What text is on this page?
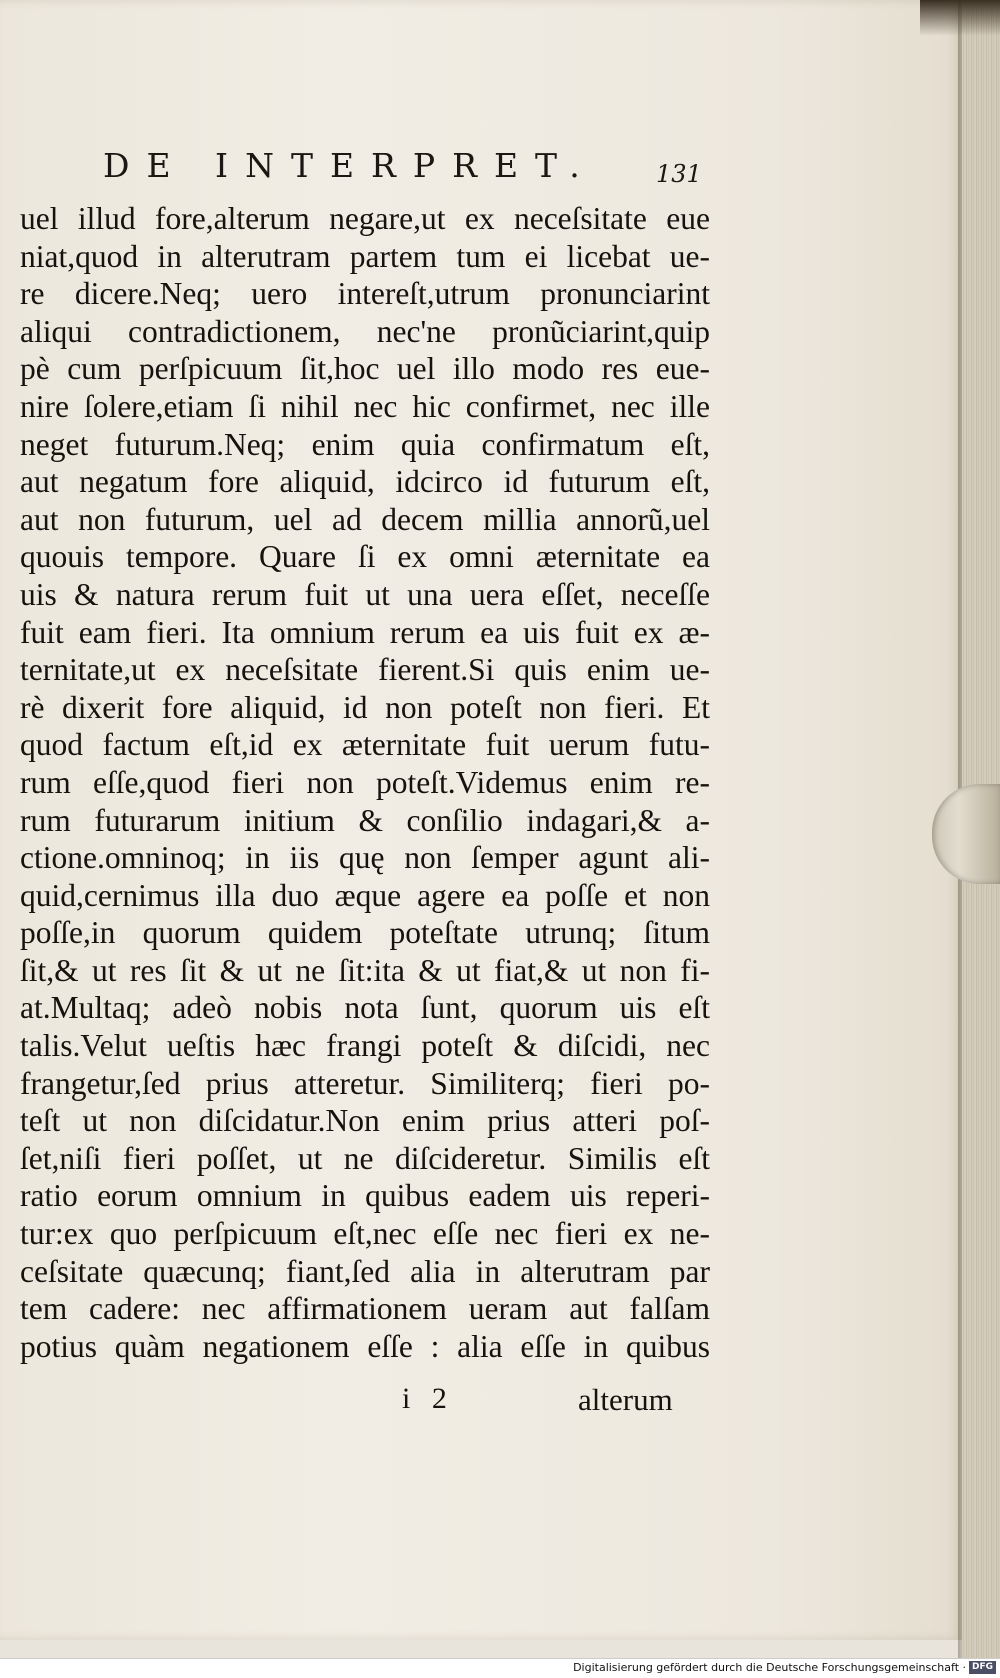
DE INTERPRET. 131
uel illud fore,alterum negare,ut ex neceſsitate eue
niat,quod in alterutram partem tum ei licebat ue-
re dicere.Neq; uero intereſt,utrum pronunciarint
aliqui contradictionem, nec'ne pronũciarint,quip
pè cum perſpicuum ſit,hoc uel illo modo res eue-
nire ſolere,etiam ſi nihil nec hic confirmet, nec ille
neget futurum.Neq; enim quia confirmatum eſt,
aut negatum fore aliquid, idcirco id futurum eſt,
aut non futurum, uel ad decem millia annorũ,uel
quouis tempore. Quare ſi ex omni æternitate ea
uis & natura rerum fuit ut una uera eſſet, neceſſe
fuit eam fieri. Ita omnium rerum ea uis fuit ex æ-
ternitate,ut ex neceſsitate fierent.Si quis enim ue-
rè dixerit fore aliquid, id non poteſt non fieri. Et
quod factum eſt,id ex æternitate fuit uerum futu-
rum eſſe,quod fieri non poteſt.Videmus enim re-
rum futurarum initium & conſilio indagari,& a-
ctione.omninoq; in iis quę non ſemper agunt ali-
quid,cernimus illa duo æque agere ea poſſe et non
poſſe,in quorum quidem poteſtate utrunq; ſitum
ſit,& ut res ſit & ut ne ſit:ita & ut fiat,& ut non fi-
at.Multaq; adeò nobis nota ſunt, quorum uis eſt
talis.Velut ueſtis hæc frangi poteſt & diſcidi, nec
frangetur,ſed prius atteretur. Similiterq; fieri po-
teſt ut non diſcidatur.Non enim prius atteri poſ-
ſet,niſi fieri poſſet, ut ne diſcideretur. Similis eſt
ratio eorum omnium in quibus eadem uis reperi-
tur:ex quo perſpicuum eſt,nec eſſe nec fieri ex ne-
ceſsitate quæcunq; fiant,ſed alia in alterutram par
tem cadere: nec affirmationem ueram aut falſam
potius quàm negationem eſſe : alia eſſe in quibus
i 2	alterum
Digitalisierung gefördert durch die Deutsche Forschungsgemeinschaft · DFG
